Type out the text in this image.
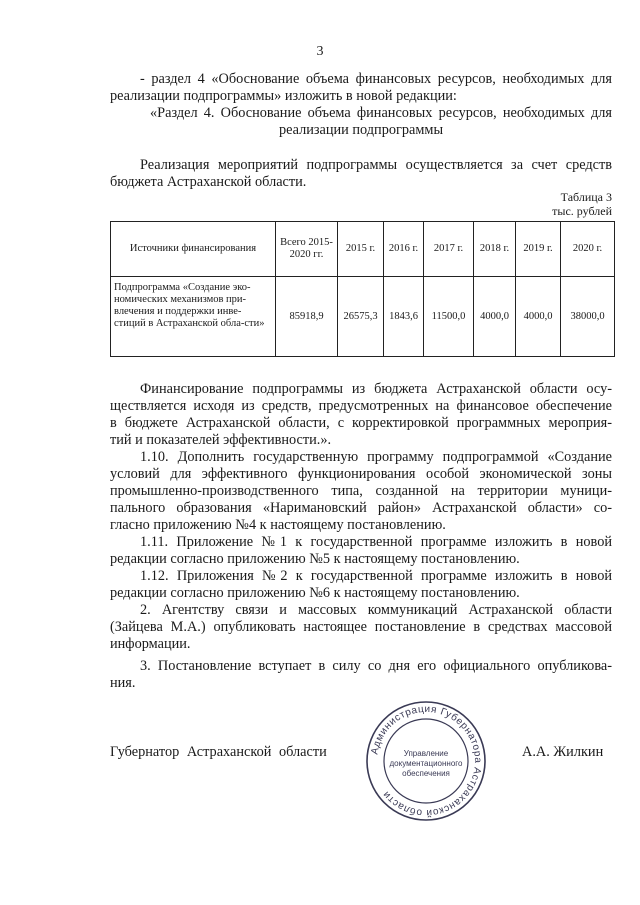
3
- раздел 4 «Обоснование объема финансовых ресурсов, необходимых для
реализации подпрограммы» изложить в новой редакции:
«Раздел 4. Обоснование объема финансовых ресурсов, необходимых для
реализации подпрограммы
Реализация мероприятий подпрограммы осуществляется за счет средств
бюджета Астраханской области.
Таблица 3
тыс. рублей
Источники финансирования	Всего 2015- 2020 гг.	2015 г.	2016 г.	2017 г.	2018 г.	2019 г.	2020 г.
Подпрограмма «Создание эко-номических механизмов при-влечения и поддержки инве-стиций в Астраханской обла-сти»	85918,9	26575,3	1843,6	11500,0	4000,0	4000,0	38000,0
Финансирование подпрограммы из бюджета Астраханской области осу-
ществляется исходя из средств, предусмотренных на финансовое обеспечение
в бюджете Астраханской области, с корректировкой программных мероприя-
тий и показателей эффективности.».
1.10. Дополнить государственную программу подпрограммой «Создание
условий для эффективного функционирования особой экономической зоны
промышленно-производственного типа, созданной на территории муници-
пального образования «Наримановский район» Астраханской области» со-
гласно приложению №4 к настоящему постановлению.
1.11. Приложение №1 к государственной программе изложить в новой
редакции согласно приложению №5 к настоящему постановлению.
1.12. Приложения №2 к государственной программе изложить в новой
редакции согласно приложению №6 к настоящему постановлению.
2. Агентству связи и массовых коммуникаций Астраханской области
(Зайцева М.А.) опубликовать настоящее постановление в средствах массовой
информации.
3. Постановление вступает в силу со дня его официального опубликова-
ния.
Губернатор Астраханской области	А.А. Жилкин
Администрация Губернатора Астраханской области
Управление
документационного
обеспечения
